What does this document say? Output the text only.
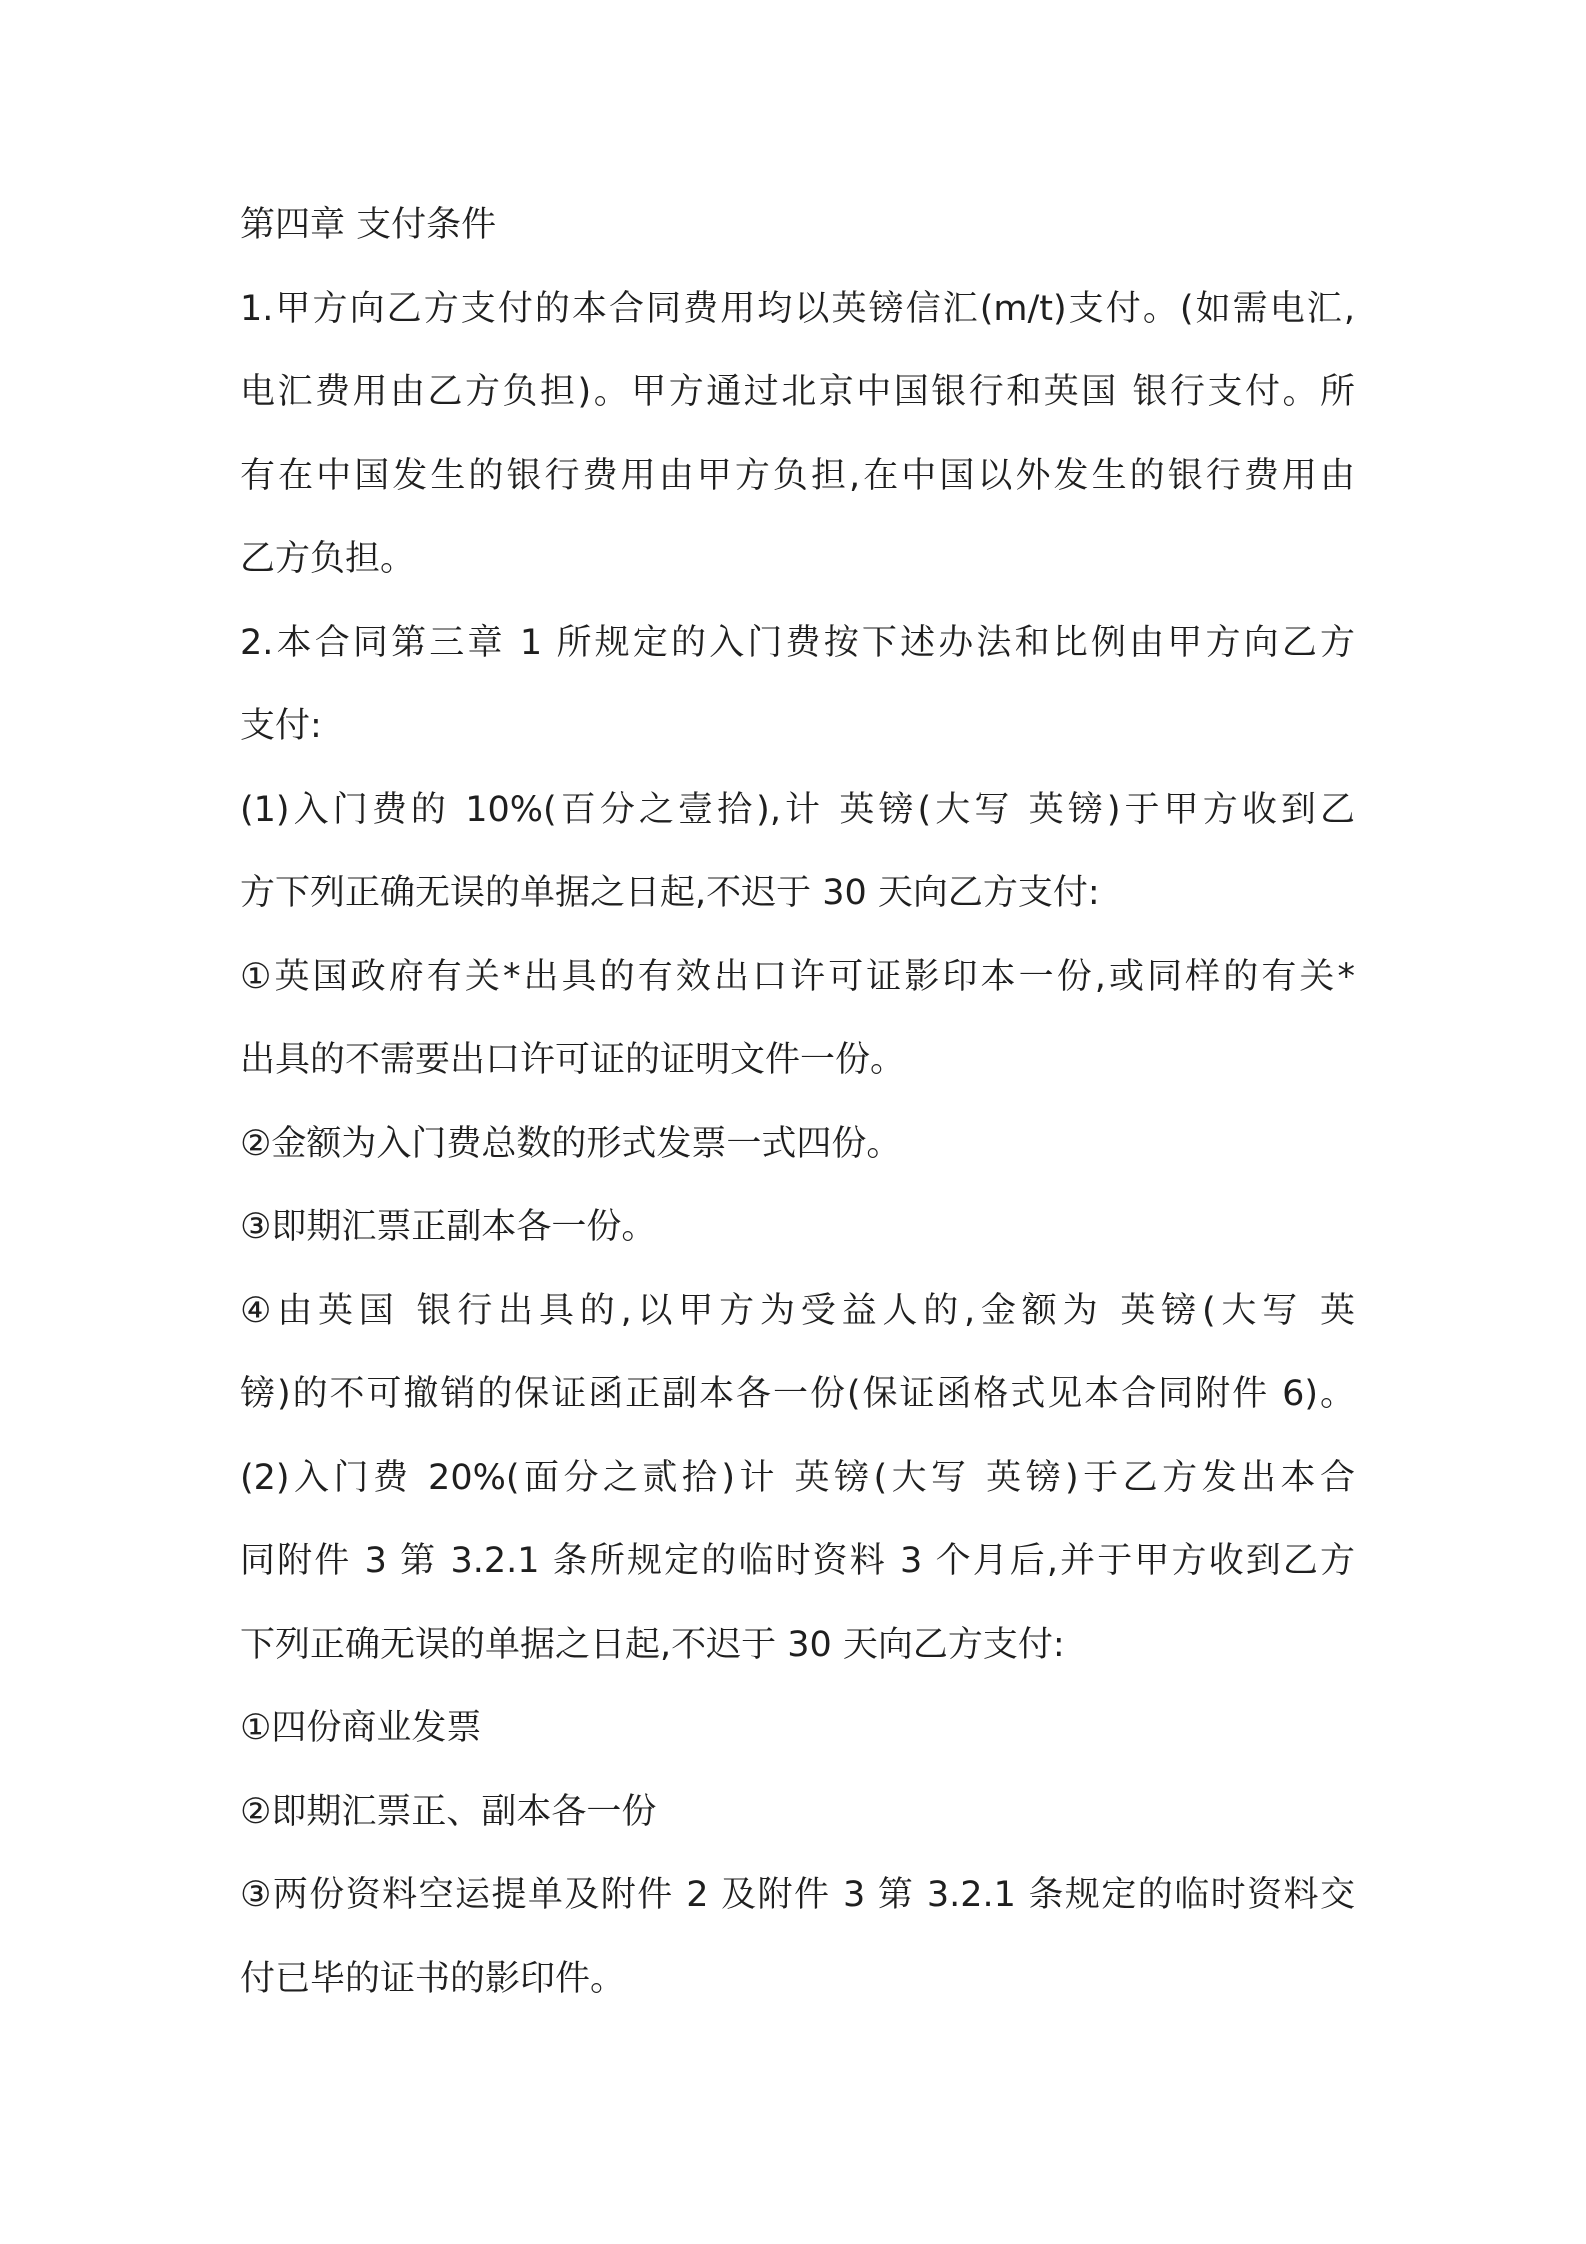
第四章 支付条件
1.甲方向乙方支付的本合同费用均以英镑信汇(m/t)支付。(如需电汇,
电汇费用由乙方负担)。甲方通过北京中国银行和英国 银行支付。所
有在中国发生的银行费用由甲方负担,在中国以外发生的银行费用由
乙方负担。
2.本合同第三章 1 所规定的入门费按下述办法和比例由甲方向乙方
支付:
(1)入门费的 10%(百分之壹拾),计 英镑(大写 英镑)于甲方收到乙
方下列正确无误的单据之日起,不迟于 30 天向乙方支付:
①英国政府有关*出具的有效出口许可证影印本一份,或同样的有关*
出具的不需要出口许可证的证明文件一份。
②金额为入门费总数的形式发票一式四份。
③即期汇票正副本各一份。
④由英国 银行出具的,以甲方为受益人的,金额为 英镑(大写 英
镑)的不可撤销的保证函正副本各一份(保证函格式见本合同附件 6)。
(2)入门费 20%(面分之贰拾)计 英镑(大写 英镑)于乙方发出本合
同附件 3 第 3.2.1 条所规定的临时资料 3 个月后,并于甲方收到乙方
下列正确无误的单据之日起,不迟于 30 天向乙方支付:
①四份商业发票
②即期汇票正、副本各一份
③两份资料空运提单及附件 2 及附件 3 第 3.2.1 条规定的临时资料交
付已毕的证书的影印件。
